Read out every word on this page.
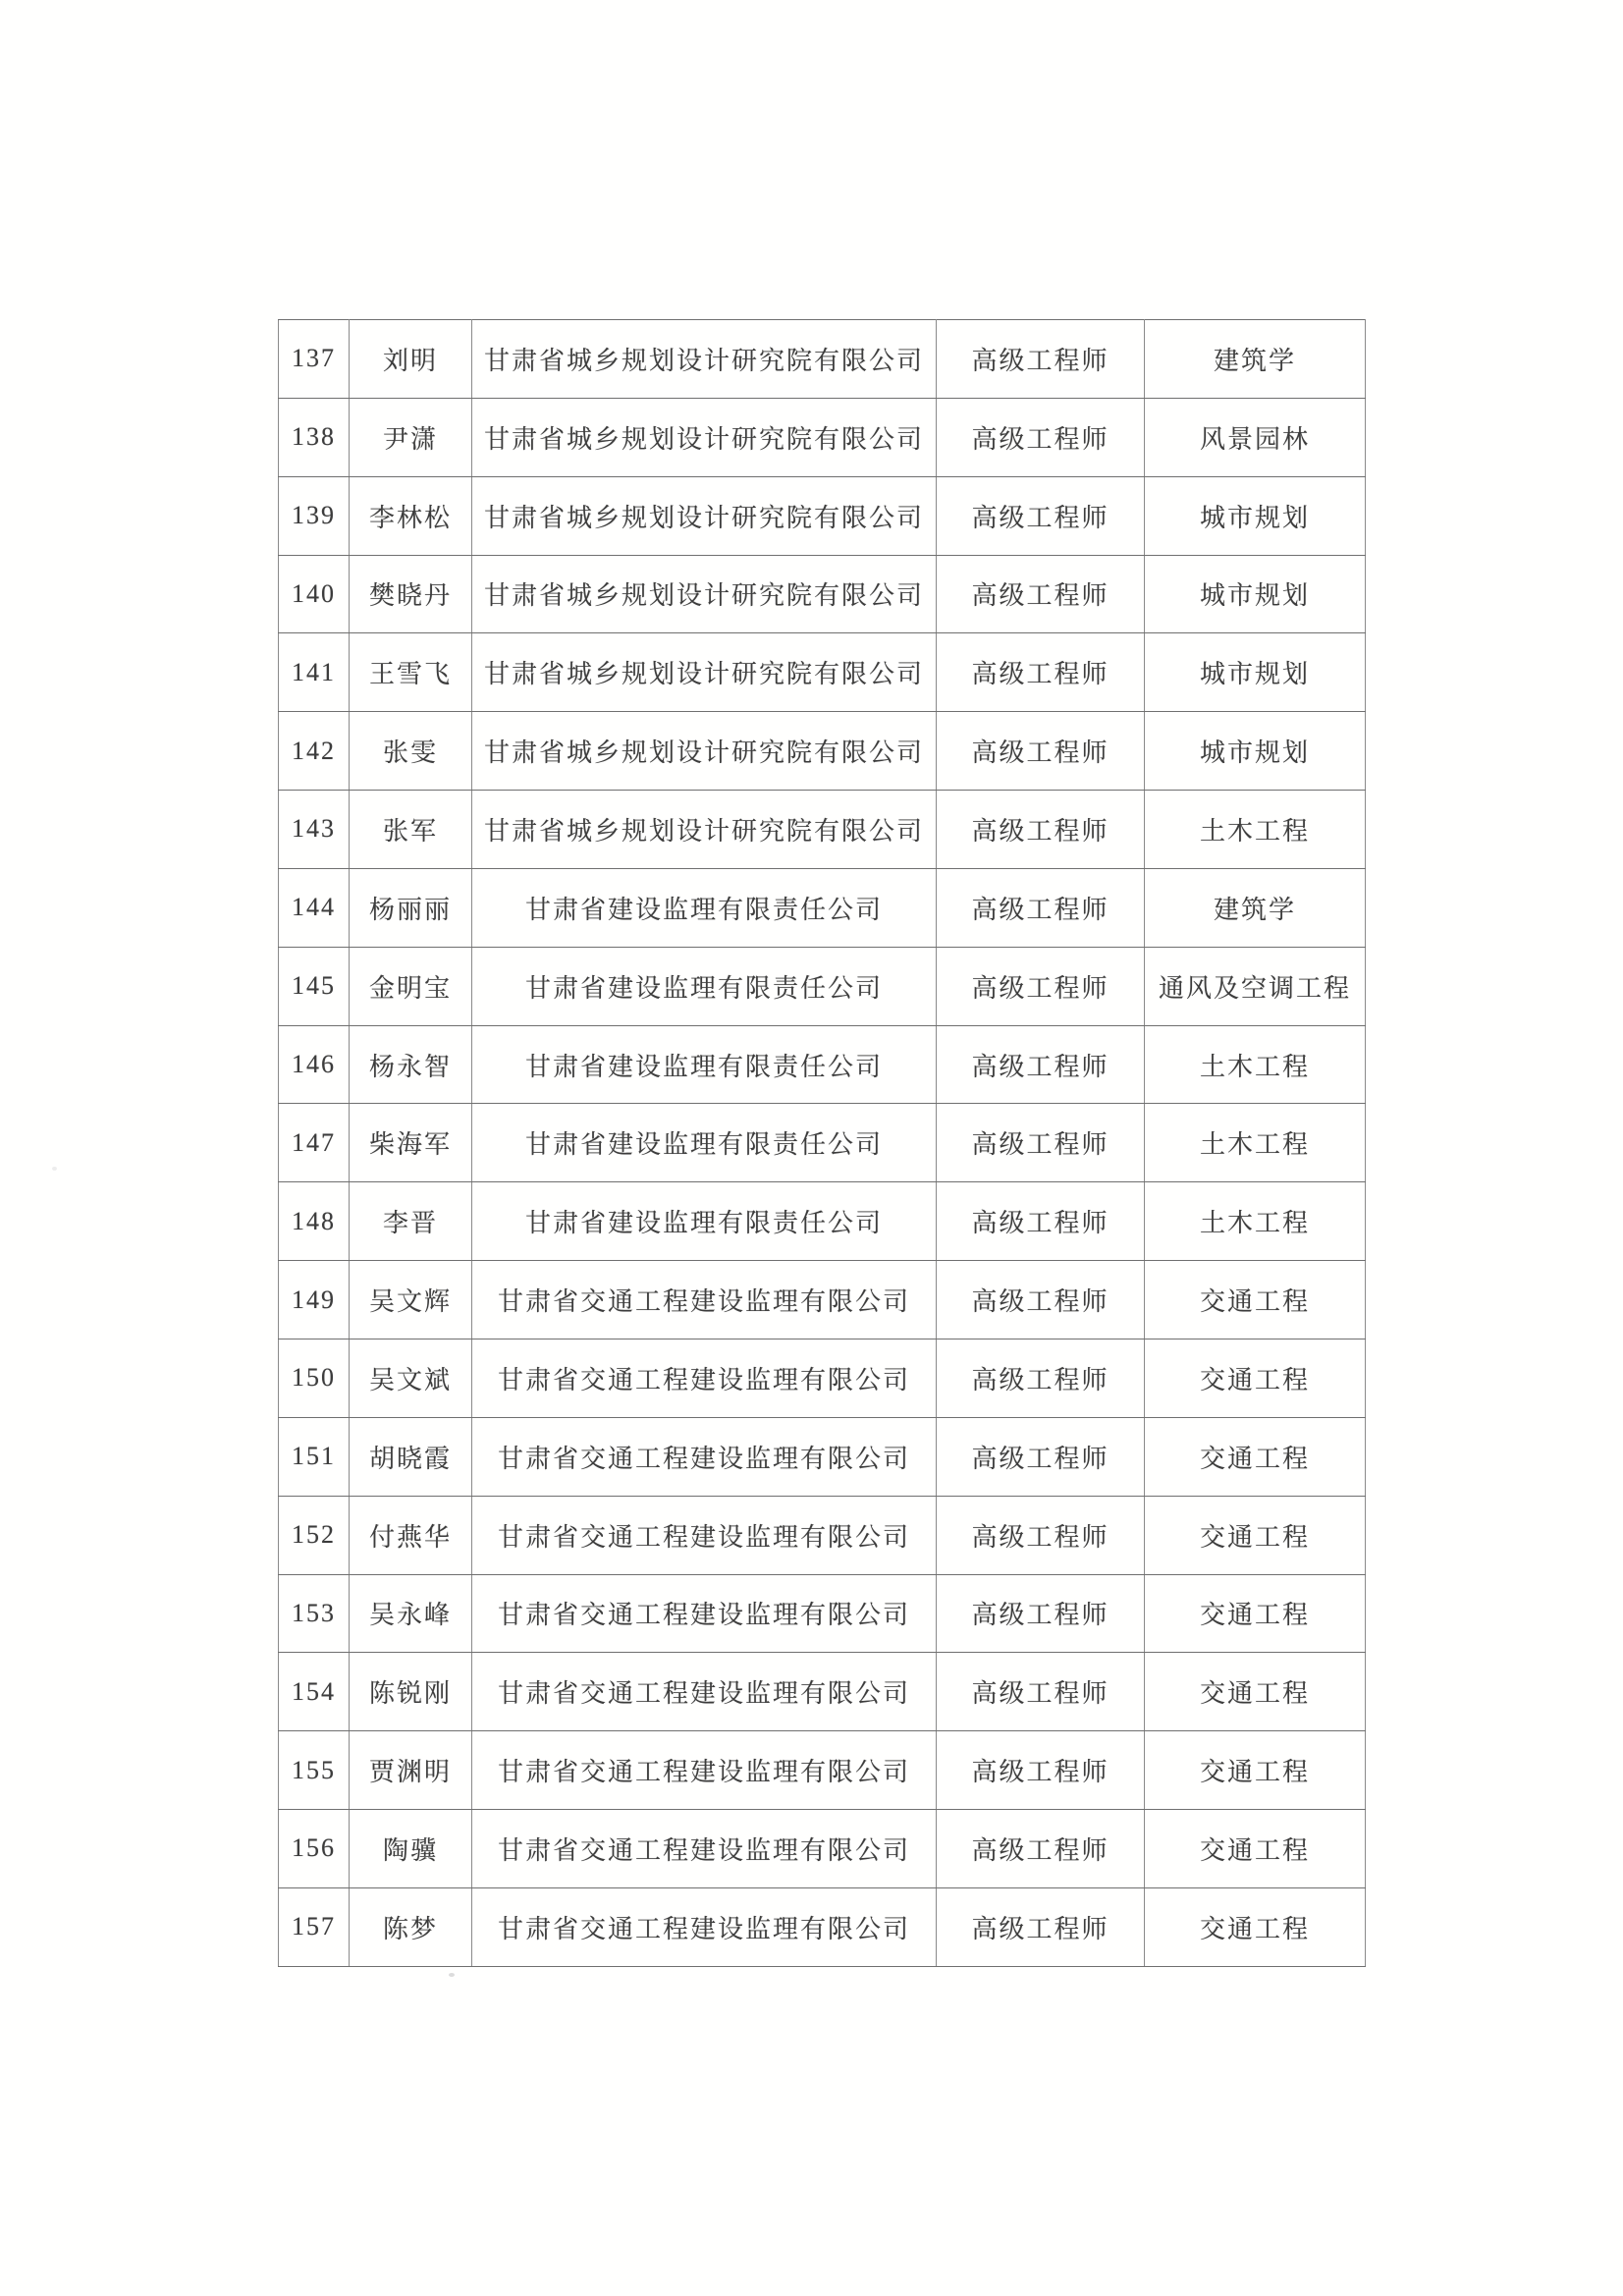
137	刘明	甘肃省城乡规划设计研究院有限公司	高级工程师	建筑学
138	尹潇	甘肃省城乡规划设计研究院有限公司	高级工程师	风景园林
139	李林松	甘肃省城乡规划设计研究院有限公司	高级工程师	城市规划
140	樊晓丹	甘肃省城乡规划设计研究院有限公司	高级工程师	城市规划
141	王雪飞	甘肃省城乡规划设计研究院有限公司	高级工程师	城市规划
142	张雯	甘肃省城乡规划设计研究院有限公司	高级工程师	城市规划
143	张军	甘肃省城乡规划设计研究院有限公司	高级工程师	土木工程
144	杨丽丽	甘肃省建设监理有限责任公司	高级工程师	建筑学
145	金明宝	甘肃省建设监理有限责任公司	高级工程师	通风及空调工程
146	杨永智	甘肃省建设监理有限责任公司	高级工程师	土木工程
147	柴海军	甘肃省建设监理有限责任公司	高级工程师	土木工程
148	李晋	甘肃省建设监理有限责任公司	高级工程师	土木工程
149	吴文辉	甘肃省交通工程建设监理有限公司	高级工程师	交通工程
150	吴文斌	甘肃省交通工程建设监理有限公司	高级工程师	交通工程
151	胡晓霞	甘肃省交通工程建设监理有限公司	高级工程师	交通工程
152	付燕华	甘肃省交通工程建设监理有限公司	高级工程师	交通工程
153	吴永峰	甘肃省交通工程建设监理有限公司	高级工程师	交通工程
154	陈锐刚	甘肃省交通工程建设监理有限公司	高级工程师	交通工程
155	贾渊明	甘肃省交通工程建设监理有限公司	高级工程师	交通工程
156	陶骥	甘肃省交通工程建设监理有限公司	高级工程师	交通工程
157	陈梦	甘肃省交通工程建设监理有限公司	高级工程师	交通工程
